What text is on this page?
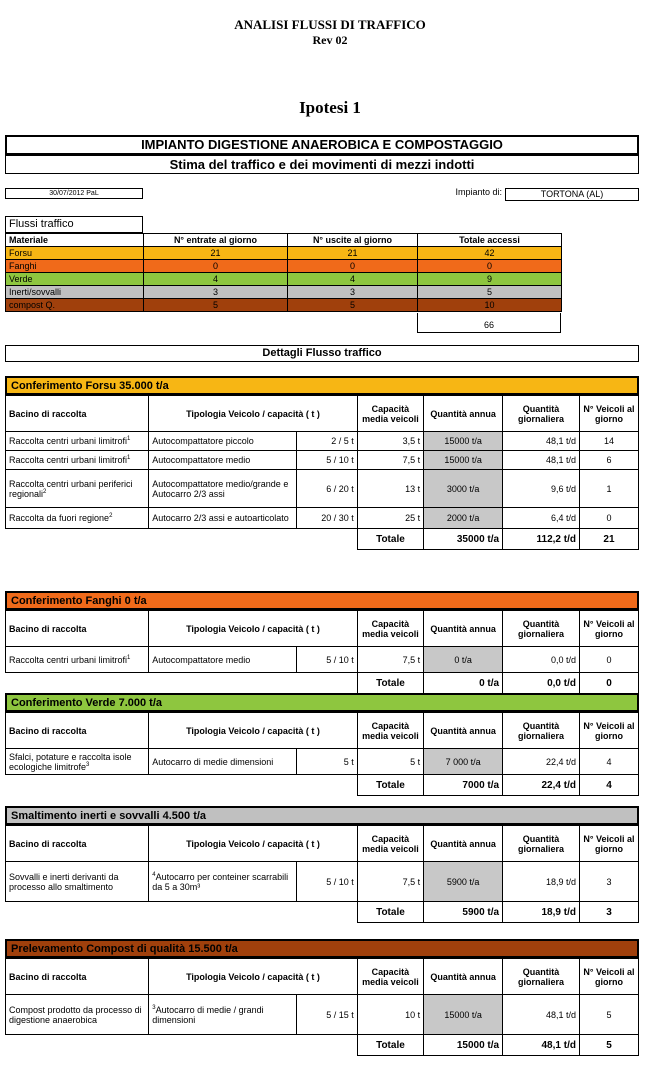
ANALISI FLUSSI DI TRAFFICO
Rev 02
Ipotesi 1
IMPIANTO DIGESTIONE ANAEROBICA E COMPOSTAGGIO
Stima del traffico e dei movimenti di mezzi indotti
30/07/2012 PaL	Impianto di:	TORTONA (AL)
Flussi traffico
Materiale	N° entrate al giorno	N° uscite al giorno	Totale accessi
Forsu	21	21	42
Fanghi	0	0	0
Verde	4	4	9
Inerti/sovvalli	3	3	5
compost Q.	5	5	10
66
Dettagli Flusso traffico
Conferimento Forsu 35.000 t/a
Bacino di raccolta	Tipologia Veicolo / capacità ( t )		Capacità media veicoli	Quantità annua	Quantità giornaliera	N° Veicoli al giorno
Raccolta centri urbani limitrofi$^1$	Autocompattatore piccolo	2 / 5 t	3,5 t	15000 t/a	48,1 t/d	14
Raccolta centri urbani limitrofi$^1$	Autocompattatore medio	5 / 10 t	7,5 t	15000 t/a	48,1 t/d	6
Raccolta centri urbani periferici regionali$^2$	Autocompattatore medio/grande e Autocarro 2/3 assi	6 / 20 t	13 t	3000 t/a	9,6 t/d	1
Raccolta da fuori regione$^2$	Autocarro 2/3 assi e autoarticolato	20 / 30 t	25 t	2000 t/a	6,4 t/d	0
			Totale	35000 t/a	112,2 t/d	21
Conferimento Fanghi 0 t/a
Bacino di raccolta	Tipologia Veicolo / capacità ( t )		Capacità media veicoli	Quantità annua	Quantità giornaliera	N° Veicoli al giorno
Raccolta centri urbani limitrofi$^1$	Autocompattatore medio	5 / 10 t	7,5 t	0 t/a	0,0 t/d	0
			Totale	0 t/a	0,0 t/d	0
Conferimento Verde 7.000 t/a
Bacino di raccolta	Tipologia Veicolo / capacità ( t )		Capacità media veicoli	Quantità annua	Quantità giornaliera	N° Veicoli al giorno
Sfalci, potature e raccolta isole ecologiche limitrofe$^3$	Autocarro di medie dimensioni	5 t	5 t	7 000 t/a	22,4 t/d	4
			Totale	7000 t/a	22,4 t/d	4
Smaltimento inerti e sovvalli 4.500 t/a
Bacino di raccolta	Tipologia Veicolo / capacità ( t )		Capacità media veicoli	Quantità annua	Quantità giornaliera	N° Veicoli al giorno
Sovvalli e inerti derivanti da processo allo smaltimento	$^4$Autocarro per conteiner scarrabili da 5 a 30m³	5 / 10 t	7,5 t	5900 t/a	18,9 t/d	3
			Totale	5900 t/a	18,9 t/d	3
Prelevamento Compost di qualità 15.500 t/a
Bacino di raccolta	Tipologia Veicolo / capacità ( t )		Capacità media veicoli	Quantità annua	Quantità giornaliera	N° Veicoli al giorno
Compost prodotto da processo di digestione anaerobica	$^3$Autocarro di medie / grandi dimensioni	5 / 15 t	10 t	15000 t/a	48,1 t/d	5
			Totale	15000 t/a	48,1 t/d	5
